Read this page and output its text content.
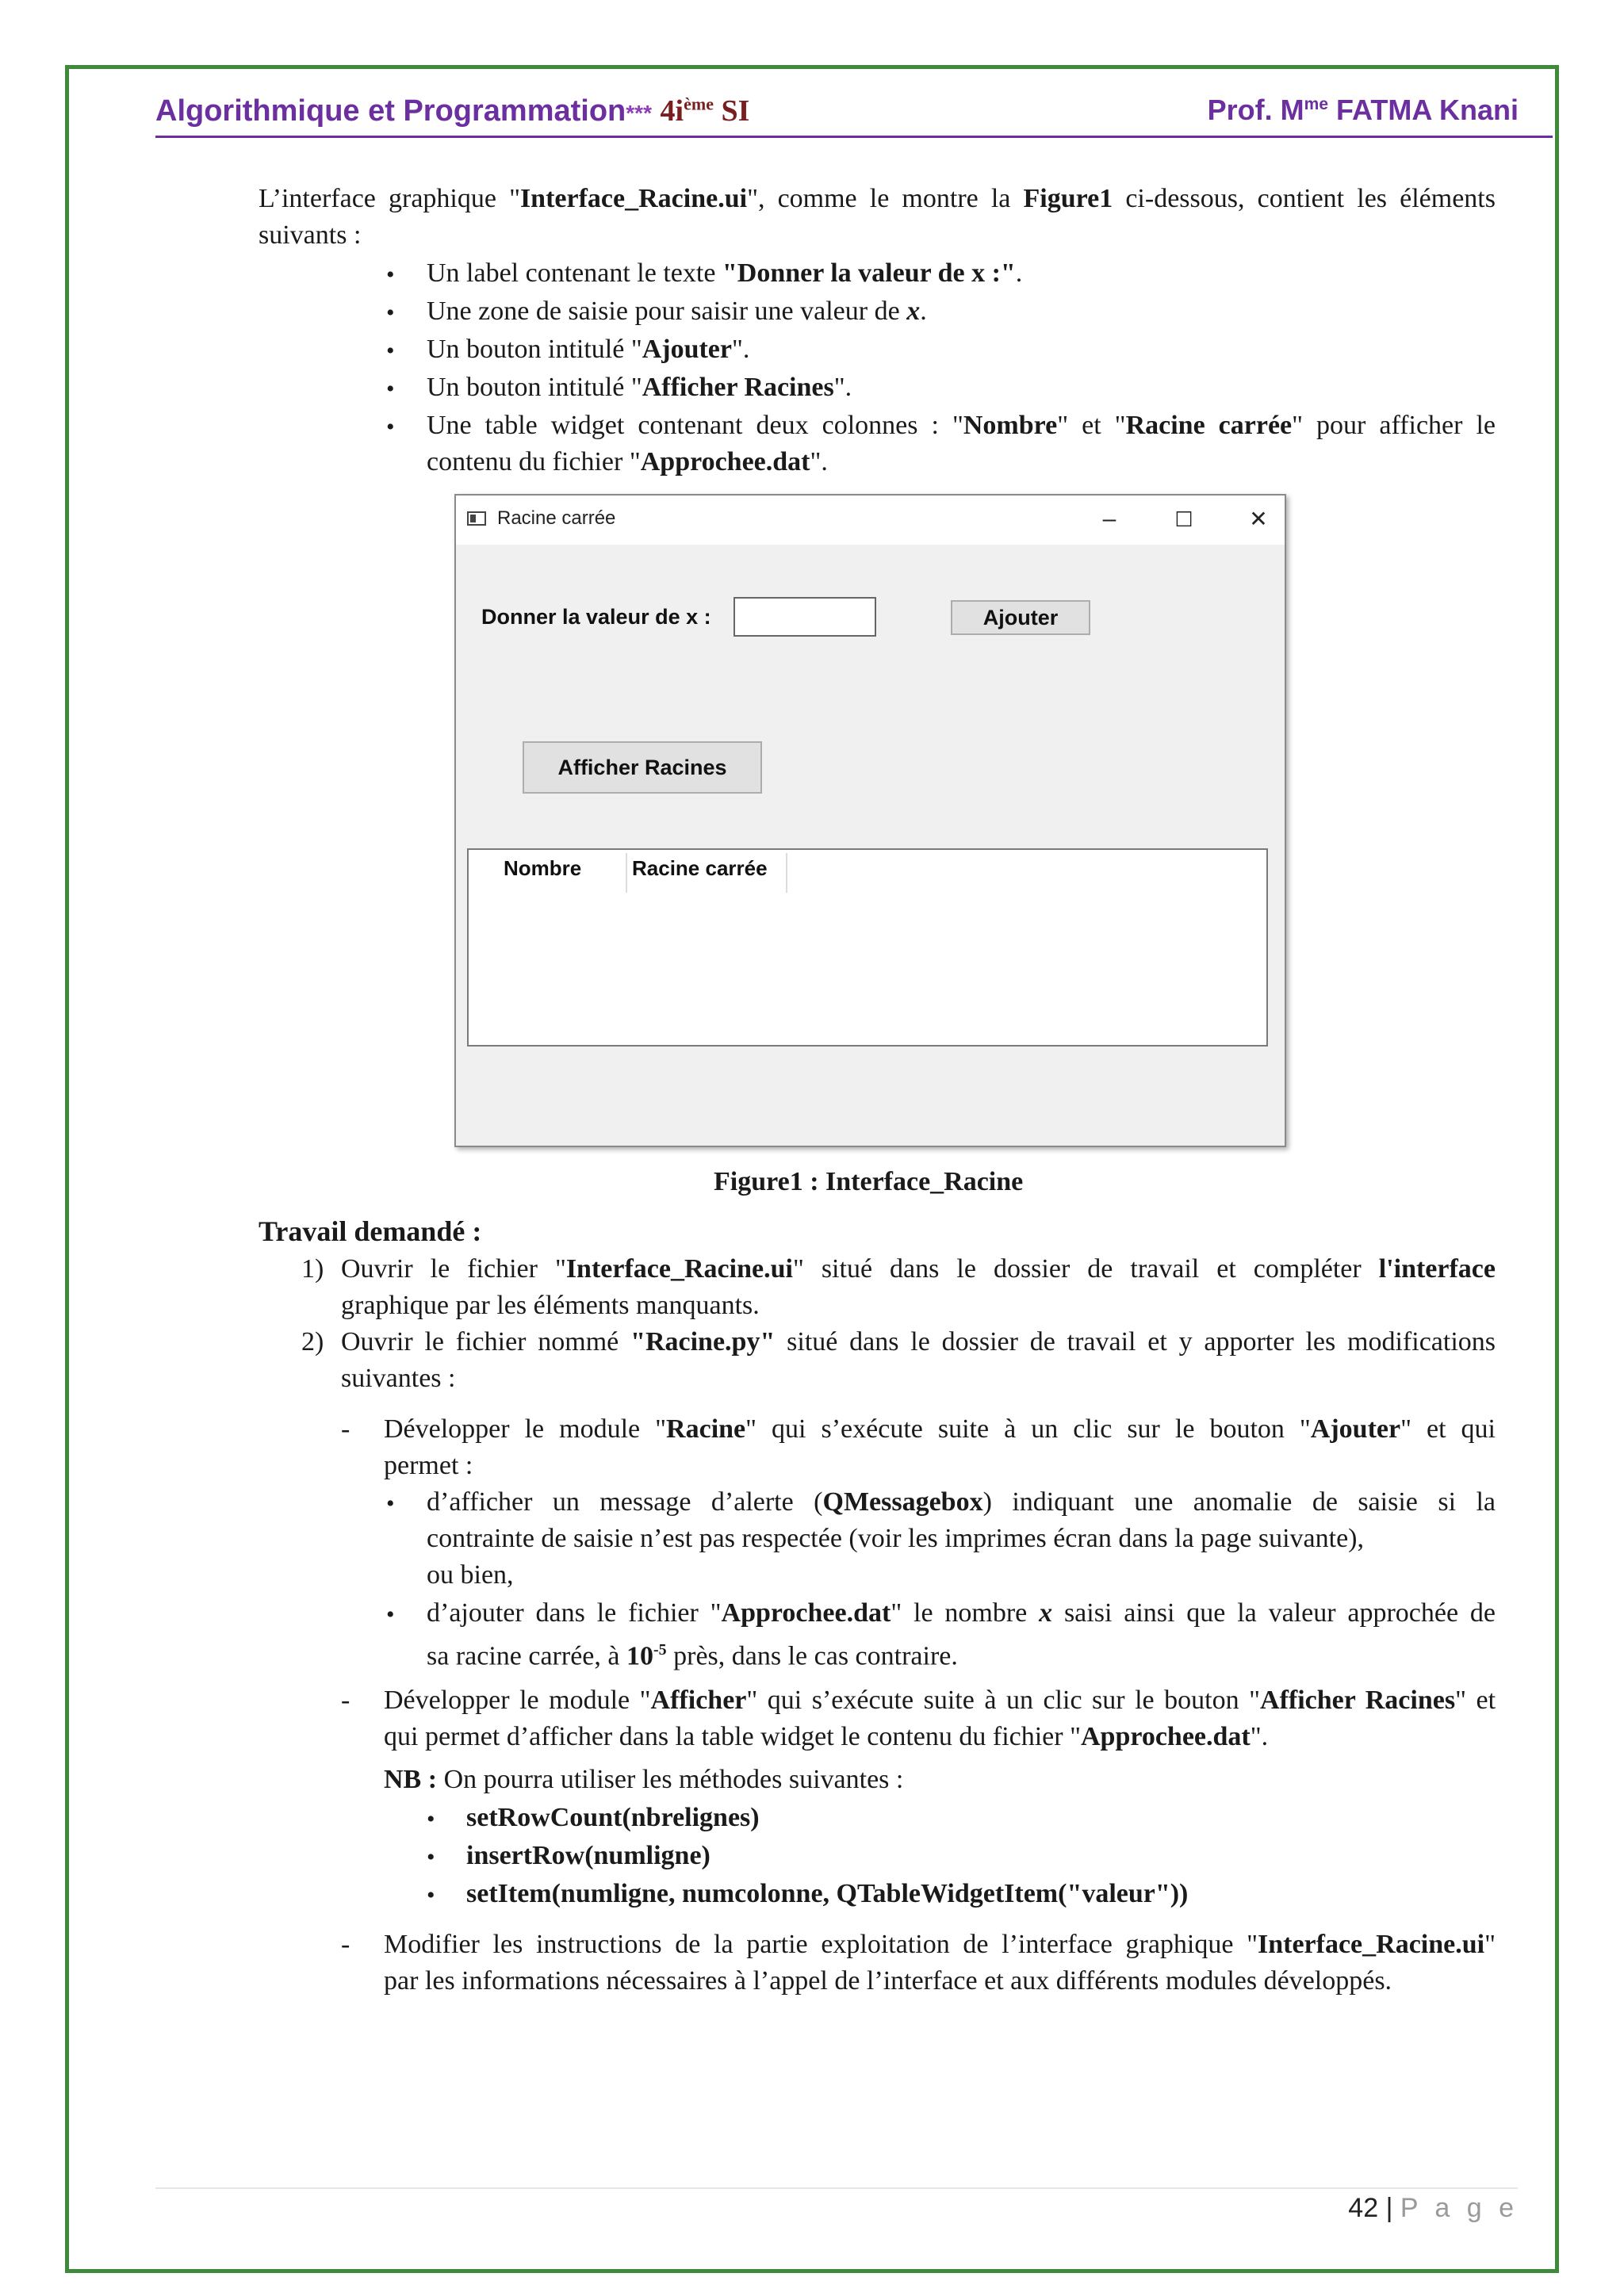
Algorithmique et Programmation*** $4i^{ème}$ SI	Prof. $M^{me}$ FATMA Knani
L’interface graphique "Interface_Racine.ui", comme le montre la Figure1 ci-dessous, contient les éléments
suivants :
• Un label contenant le texte "Donner la valeur de x :".
• Une zone de saisie pour saisir une valeur de x.
• Un bouton intitulé "Ajouter".
• Un bouton intitulé "Afficher Racines".
• Une table widget contenant deux colonnes : "Nombre" et "Racine carrée" pour afficher le
contenu du fichier "Approchee.dat".
Racine carrée	–	☐	✕
Donner la valeur de x :	Ajouter
Afficher Racines
Nombre Racine carrée
Figure1 : Interface_Racine
Travail demandé :
1) Ouvrir le fichier "Interface_Racine.ui" situé dans le dossier de travail et compléter l'interface
graphique par les éléments manquants.
2) Ouvrir le fichier nommé "Racine.py" situé dans le dossier de travail et y apporter les modifications
suivantes :
- Développer le module "Racine" qui s’exécute suite à un clic sur le bouton "Ajouter" et qui
permet :
• d’afficher un message d’alerte (QMessagebox) indiquant une anomalie de saisie si la
contrainte de saisie n’est pas respectée (voir les imprimes écran dans la page suivante),
ou bien,
• d’ajouter dans le fichier "Approchee.dat" le nombre x saisi ainsi que la valeur approchée de
sa racine carrée, à $10^{-5}$ près, dans le cas contraire.
- Développer le module "Afficher" qui s’exécute suite à un clic sur le bouton "Afficher Racines" et
qui permet d’afficher dans la table widget le contenu du fichier "Approchee.dat".
NB : On pourra utiliser les méthodes suivantes :
• setRowCount(nbrelignes)
• insertRow(numligne)
• setItem(numligne, numcolonne, QTableWidgetItem("valeur"))
- Modifier les instructions de la partie exploitation de l’interface graphique "Interface_Racine.ui"
par les informations nécessaires à l’appel de l’interface et aux différents modules développés.
42 | P a g e
